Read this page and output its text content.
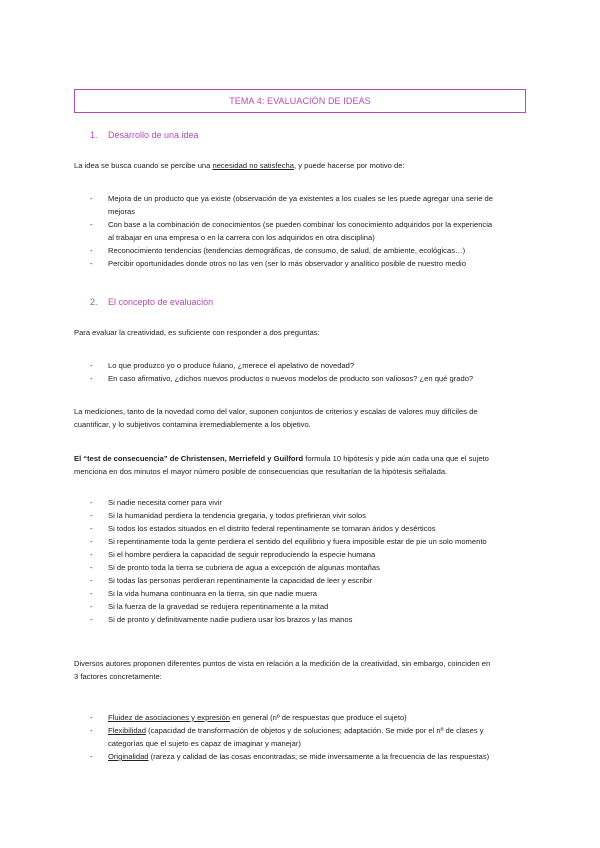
TEMA 4: EVALUACIÓN DE IDEAS
1. Desarrollo de una idea
La idea se busca cuando se percibe una necesidad no satisfecha, y puede hacerse por motivo de:
- Mejora de un producto que ya existe (observación de ya existentes a los cuales se les puede agregar una serie de
mejoras
- Con base a la combinación de conocimientos (se pueden combinar los conocimiento adquiridos por la experiencia
al trabajar en una empresa o en la carrera con los adquiridos en otra disciplina)
- Reconocimiento tendencias (tendencias demográficas, de consumo, de salud, de ambiente, ecológicas…)
- Percibir oportunidades donde otros no las ven (ser lo más observador y analítico posible de nuestro medio
2. El concepto de evaluación
Para evaluar la creatividad, es suficiente con responder a dos preguntas:
- Lo que produzco yo o produce fulano, ¿merece el apelativo de novedad?
- En caso afirmativo, ¿dichos nuevos productos o nuevos modelos de producto son valiosos? ¿en qué grado?
La mediciones, tanto de la novedad como del valor, suponen conjuntos de criterios y escalas de valores muy difíciles de
cuantificar, y lo subjetivos contamina irremediablemente a los objetivo.
El “test de consecuencia” de Christensen, Merriefeld y Guilford formula 10 hipótesis y pide aún cada una que el sujeto
menciona en dos minutos el mayor número posible de consecuencias que resultarían de la hipótesis señalada.
- Si nadie necesita comer para vivir
- Si la humanidad perdiera la tendencia gregaria, y todos prefirieran vivir solos
- Si todos los estados situados en el distrito federal repentinamente se tornaran áridos y desérticos
- Si repentinamente toda la gente perdiera el sentido del equilibrio y fuera imposible estar de pie un solo momento
- Si el hombre perdiera la capacidad de seguir reproduciendo la especie humana
- Si de pronto toda la tierra se cubriera de agua a excepción de algunas montañas
- Si todas las personas perdieran repentinamente la capacidad de leer y escribir
- Si la vida humana continuara en la tierra, sin que nadie muera
- Si la fuerza de la gravedad se redujera repentinamente a la mitad
- Si de pronto y definitivamente nadie pudiera usar los brazos y las manos
Diversos autores proponen diferentes puntos de vista en relación a la medición de la creatividad, sin embargo, coinciden en
3 factores concretamente:
- Fluidez de asociaciones y expresión en general (nº de respuestas que produce el sujeto)
- Flexibilidad (capacidad de transformación de objetos y de soluciones; adaptación. Se mide por el nº de clases y
categorías que el sujeto es capaz de imaginar y manejar)
- Originalidad (rareza y calidad de las cosas encontradas; se mide inversamente a la frecuencia de las respuestas)
